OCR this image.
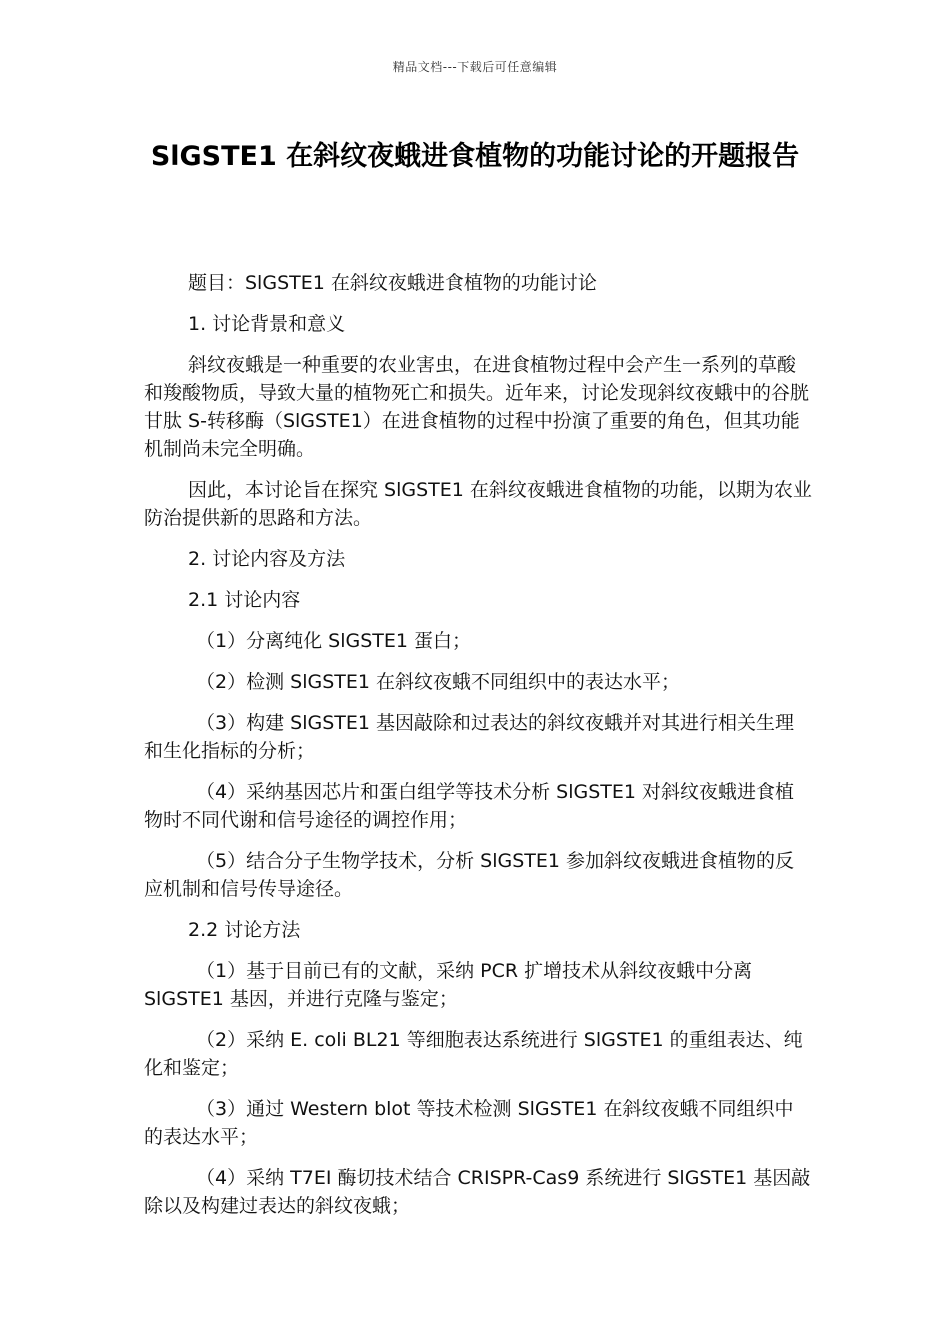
精品文档---下载后可任意编辑
SlGSTE1 在斜纹夜蛾进食植物的功能讨论的开题报告

题目：SlGSTE1 在斜纹夜蛾进食植物的功能讨论

1. 讨论背景和意义

斜纹夜蛾是一种重要的农业害虫，在进食植物过程中会产生一系列的草酸和羧酸物质，导致大量的植物死亡和损失。近年来，讨论发现斜纹夜蛾中的谷胱甘肽 S-转移酶（SlGSTE1）在进食植物的过程中扮演了重要的角色，但其功能机制尚未完全明确。

因此，本讨论旨在探究 SlGSTE1 在斜纹夜蛾进食植物的功能，以期为农业防治提供新的思路和方法。

2. 讨论内容及方法

2.1 讨论内容

（1）分离纯化 SlGSTE1 蛋白；

（2）检测 SlGSTE1 在斜纹夜蛾不同组织中的表达水平；

（3）构建 SlGSTE1 基因敲除和过表达的斜纹夜蛾并对其进行相关生理和生化指标的分析；

（4）采纳基因芯片和蛋白组学等技术分析 SlGSTE1 对斜纹夜蛾进食植物时不同代谢和信号途径的调控作用；

（5）结合分子生物学技术，分析 SlGSTE1 参加斜纹夜蛾进食植物的反应机制和信号传导途径。

2.2 讨论方法

（1）基于目前已有的文献，采纳 PCR 扩增技术从斜纹夜蛾中分离 SlGSTE1 基因，并进行克隆与鉴定；

（2）采纳 E. coli BL21 等细胞表达系统进行 SlGSTE1 的重组表达、纯化和鉴定；

（3）通过 Western blot 等技术检测 SlGSTE1 在斜纹夜蛾不同组织中的表达水平；

（4）采纳 T7EI 酶切技术结合 CRISPR-Cas9 系统进行 SlGSTE1 基因敲除以及构建过表达的斜纹夜蛾；
